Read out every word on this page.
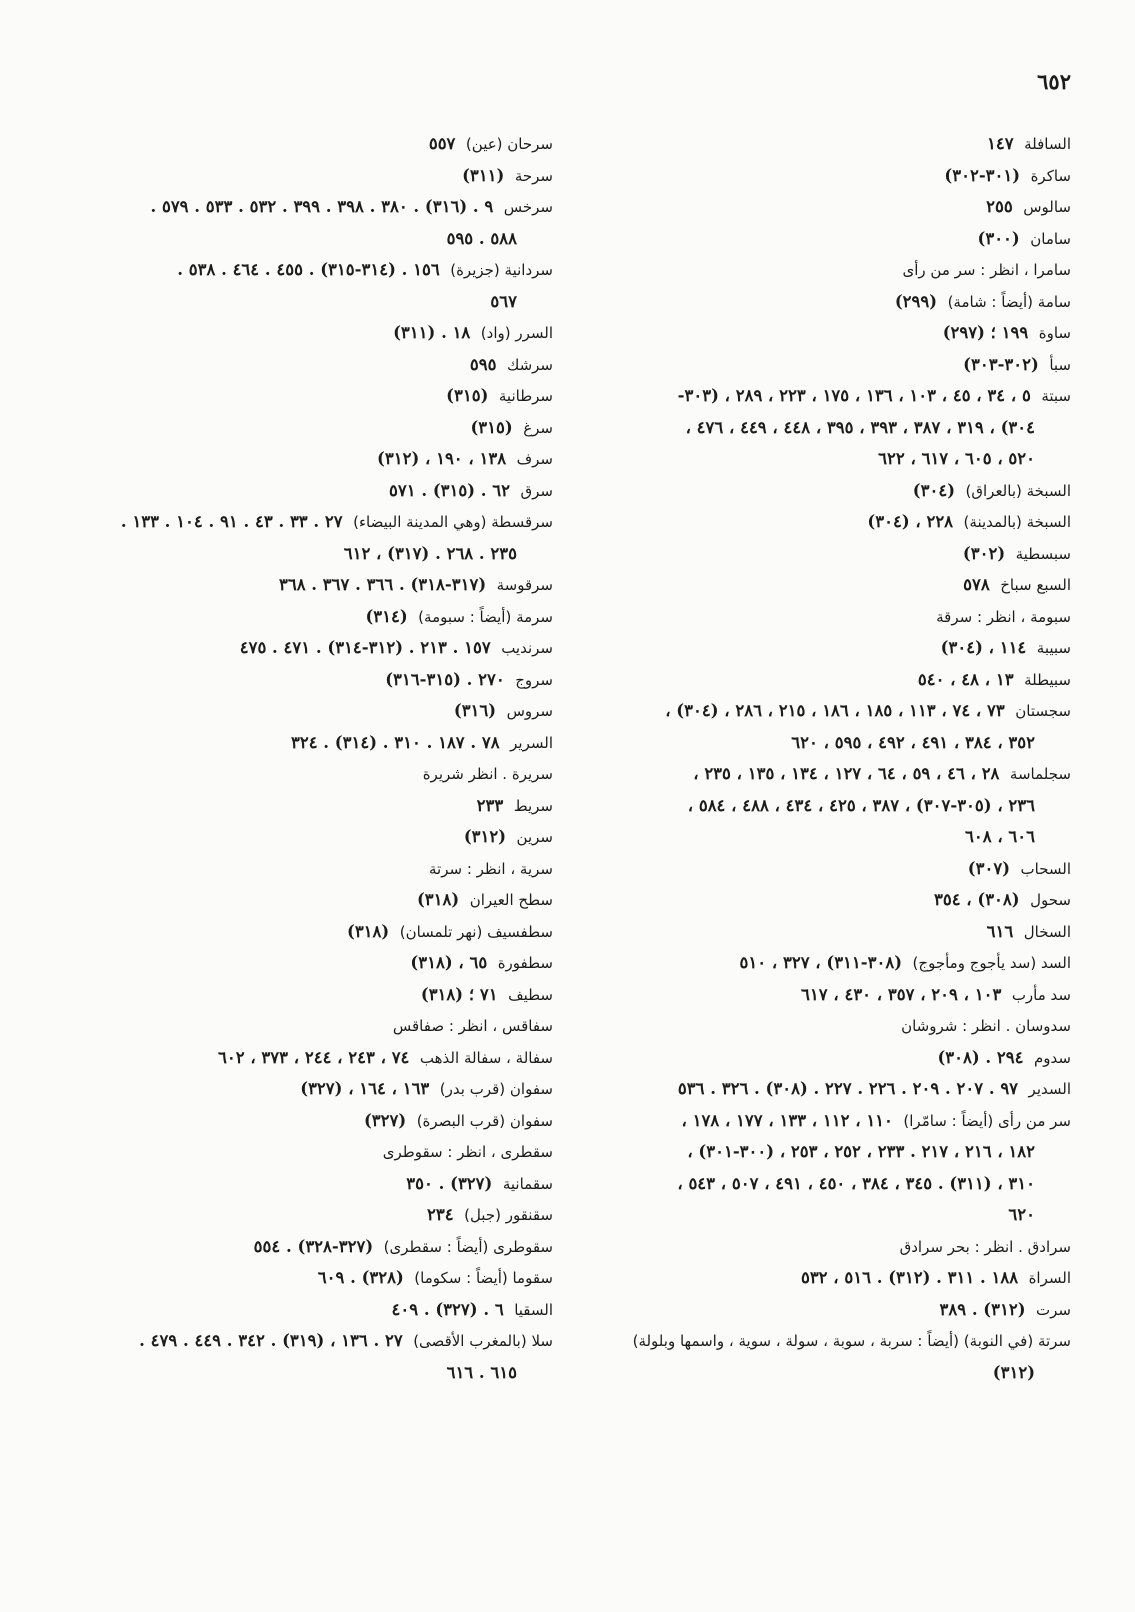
٦٥٢
السافلة  ١٤٧
ساكرة  (٣٠١-٣٠٢)
سالوس  ٢٥٥
سامان  (٣٠٠)
سامرا ، انظر : سر من رأى
سامة (أيضاً : شامة)  (٢٩٩)
ساوة  ١٩٩ ؛ (٢٩٧)
سبأ  (٣٠٢-٣٠٣)
سبتة  ٥ ، ٣٤ ، ٤٥ ، ١٠٣ ، ١٣٦ ، ١٧٥ ، ٢٢٣ ، ٢٨٩ ، (٣٠٣-
٣٠٤) ، ٣١٩ ، ٣٨٧ ، ٣٩٣ ، ٣٩٥ ، ٤٤٨ ، ٤٤٩ ، ٤٧٦ ،
٥٢٠ ، ٦٠٥ ، ٦١٧ ، ٦٢٢
السبخة (بالعراق)  (٣٠٤)
السبخة (بالمدينة)  ٢٢٨ ، (٣٠٤)
سبسطية  (٣٠٢)
السبع سباخ  ٥٧٨
سبومة ، انظر : سرقة
سبيبة  ١١٤ ، (٣٠٤)
سبيطلة  ١٣ ، ٤٨ ، ٥٤٠
سجستان  ٧٣ ، ٧٤ ، ١١٣ ، ١٨٥ ، ١٨٦ ، ٢١٥ ، ٢٨٦ ، (٣٠٤) ،
٣٥٢ ، ٣٨٤ ، ٤٩١ ، ٤٩٢ ، ٥٩٥ ، ٦٢٠
سجلماسة  ٢٨ ، ٤٦ ، ٥٩ ، ٦٤ ، ١٢٧ ، ١٣٤ ، ١٣٥ ، ٢٣٥ ،
٢٣٦ ، (٣٠٥-٣٠٧) ، ٣٨٧ ، ٤٢٥ ، ٤٣٤ ، ٤٨٨ ، ٥٨٤ ،
٦٠٦ ، ٦٠٨
السحاب  (٣٠٧)
سحول  (٣٠٨) ، ٣٥٤
السخال  ٦١٦
السد (سد يأجوج ومأجوج)  (٣٠٨-٣١١) ، ٣٢٧ ، ٥١٠
سد مأرب  ١٠٣ ، ٢٠٩ ، ٣٥٧ ، ٤٣٠ ، ٦١٧
سدوسان . انظر : شروشان
سدوم  ٢٩٤ . (٣٠٨)
السدير  ٩٧ . ٢٠٧ . ٢٠٩ . ٢٢٦ . ٢٢٧ . (٣٠٨) . ٣٢٦ . ٥٣٦
سر من رأى (أيضاً : سامّرا)  ١١٠ ، ١١٢ ، ١٣٣ ، ١٧٧ ، ١٧٨ ،
١٨٢ ، ٢١٦ ، ٢١٧ . ٢٣٣ ، ٢٥٢ ، ٢٥٣ ، (٣٠٠-٣٠١) ،
٣١٠ ، (٣١١) . ٣٤٥ ، ٣٨٤ ، ٤٥٠ ، ٤٩١ ، ٥٠٧ ، ٥٤٣ ،
٦٢٠
سرادق . انظر : بحر سرادق
السراة  ١٨٨ . ٣١١ . (٣١٢) . ٥١٦ ، ٥٣٢
سرت  (٣١٢) . ٣٨٩
سرتة (في النوبة) (أيضاً : سربة ، سوبة ، سولة ، سوية ، واسمها وبلولة)
(٣١٢)
سرحان (عين)  ٥٥٧
سرحة  (٣١١)
سرخس  ٩ . (٣١٦) . ٣٨٠ . ٣٩٨ . ٣٩٩ . ٥٣٢ . ٥٣٣ . ٥٧٩ .
٥٨٨ . ٥٩٥
سردانية (جزيرة)  ١٥٦ . (٣١٤-٣١٥) . ٤٥٥ . ٤٦٤ . ٥٣٨ .
٥٦٧
السرر (واد)  ١٨ . (٣١١)
سرشك  ٥٩٥
سرطانية  (٣١٥)
سرغ  (٣١٥)
سرف  ١٣٨ ، ١٩٠ ، (٣١٢)
سرق  ٦٢ . (٣١٥) . ٥٧١
سرقسطة (وهي المدينة البيضاء)  ٢٧ . ٣٣ . ٤٣ . ٩١ . ١٠٤ . ١٣٣ .
٢٣٥ . ٢٦٨ . (٣١٧) ، ٦١٢
سرقوسة  (٣١٧-٣١٨) . ٣٦٦ . ٣٦٧ . ٣٦٨
سرمة (أيضاً : سبومة)  (٣١٤)
سرنديب  ١٥٧ . ٢١٣ . (٣١٢-٣١٤) . ٤٧١ . ٤٧٥
سروج  ٢٧٠ . (٣١٥-٣١٦)
سروس  (٣١٦)
السرير  ٧٨ . ١٨٧ . ٣١٠ . (٣١٤) . ٣٢٤
سريرة . انظر شريرة
سريط  ٢٣٣
سرين  (٣١٢)
سرية ، انظر : سرتة
سطح العيران  (٣١٨)
سطفسيف (نهر تلمسان)  (٣١٨)
سطفورة  ٦٥ ، (٣١٨)
سطيف  ٧١ ؛ (٣١٨)
سفاقس ، انظر : صفاقس
سفالة ، سفالة الذهب  ٧٤ ، ٢٤٣ ، ٢٤٤ ، ٣٧٣ ، ٦٠٢
سفوان (قرب بدر)  ١٦٣ ، ١٦٤ ، (٣٢٧)
سفوان (قرب البصرة)  (٣٢٧)
سقطرى ، انظر : سقوطرى
سقمانية  (٣٢٧) . ٣٥٠
سقنقور (جبل)  ٢٣٤
سقوطرى (أيضاً : سقطرى)  (٣٢٧-٣٢٨) . ٥٥٤
سقوما (أيضاً : سكوما)  (٣٢٨) . ٦٠٩
السقيا  ٦ . (٣٢٧) . ٤٠٩
سلا (بالمغرب الأقصى)  ٢٧ . ١٣٦ ، (٣١٩) . ٣٤٢ . ٤٤٩ . ٤٧٩ .
٦١٥ . ٦١٦
